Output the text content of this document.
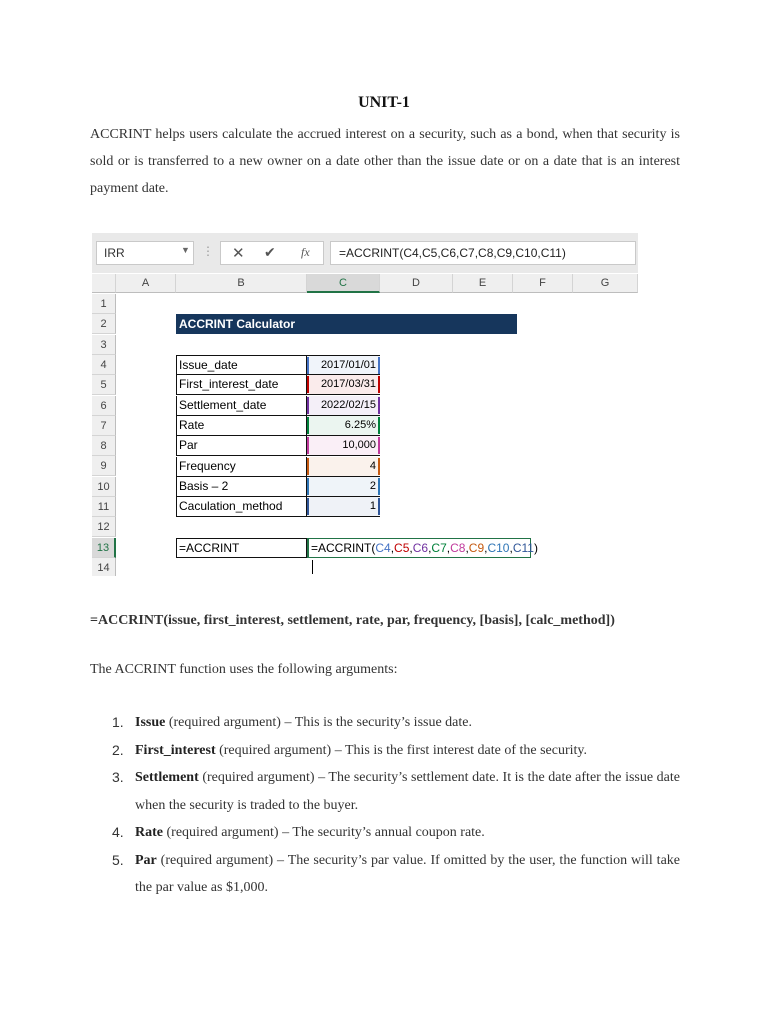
UNIT-1
ACCRINT helps users calculate the accrued interest on a security, such as a bond, when that security is sold or is transferred to a new owner on a date other than the issue date or on a date that is an interest payment date.
IRR	▼ ⋮ ✕ ✔ fx =ACCRINT(C4,C5,C6,C7,C8,C9,C10,C11)
A	B	C	D	E	F	G
1
2
3
4
5
6
7
8
9
10
11
12
13
14
ACCRINT Calculator
Issue_date	2017/01/01
First_interest_date	2017/03/31
Settlement_date	2022/02/15
Rate	6.25%
Par	10,000
Frequency	4
Basis – 2	2
Caculation_method	1
=ACCRINT	=ACCRINT(C4,C5,C6,C7,C8,C9,C10,C11)
=ACCRINT(issue, first_interest, settlement, rate, par, frequency, [basis], [calc_method])
The ACCRINT function uses the following arguments:
1. Issue (required argument) – This is the security’s issue date.
2. First_interest (required argument) – This is the first interest date of the security.
3. Settlement (required argument) – The security’s settlement date. It is the date after the issue date when the security is traded to the buyer.
4. Rate (required argument) – The security’s annual coupon rate.
5. Par (required argument) – The security’s par value. If omitted by the user, the function will take the par value as $1,000.
